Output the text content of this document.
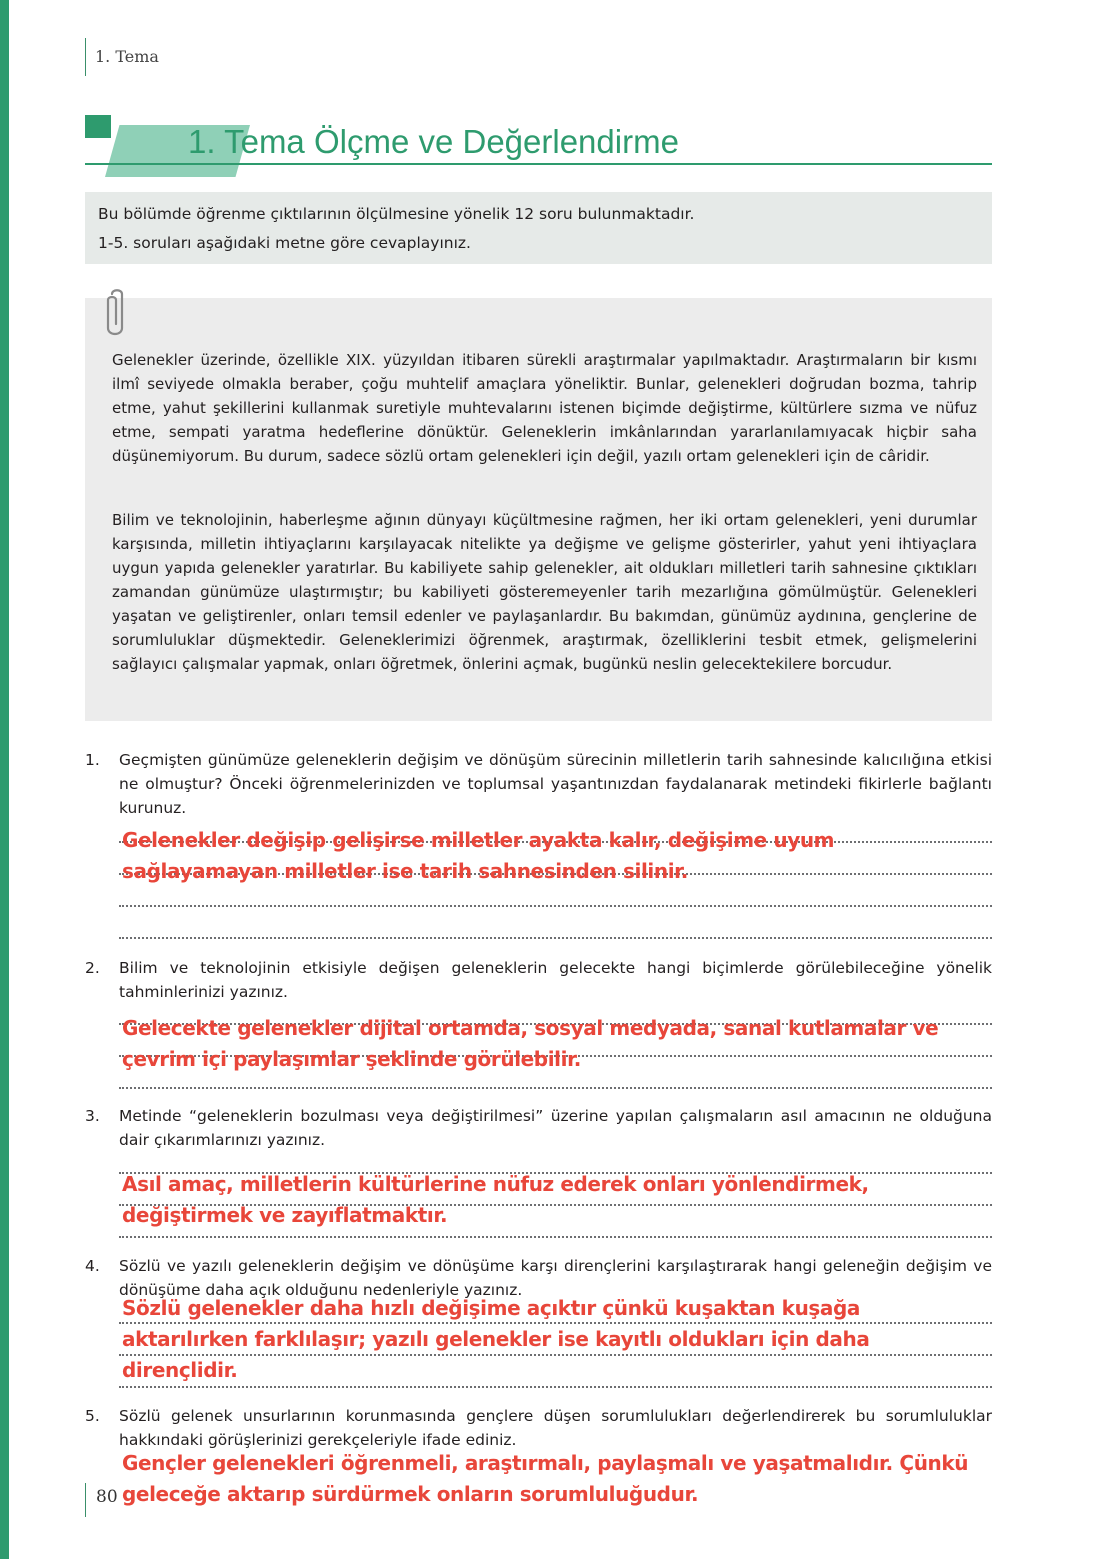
1. Tema
1. Tema Ölçme ve Değerlendirme
Bu bölümde öğrenme çıktılarının ölçülmesine yönelik 12 soru bulunmaktadır.
1-5. soruları aşağıdaki metne göre cevaplayınız.

Gelenekler üzerinde, özellikle XIX. yüzyıldan itibaren sürekli araştırmalar yapılmaktadır. Araştırmaların bir kısmı ilmî seviyede olmakla beraber, çoğu muhtelif amaçlara yöneliktir. Bunlar, gelenekleri doğrudan bozma, tahrip etme, yahut şekillerini kullanmak suretiyle muhtevalarını istenen biçimde değiştirme, kültürlere sızma ve nüfuz etme, sempati yaratma hedeflerine dönüktür. Geleneklerin imkânlarından yararlanılamıyacak hiçbir saha düşünemiyorum. Bu durum, sadece sözlü ortam gelenekleri için değil, yazılı ortam gelenekleri için de câridir.

Bilim ve teknolojinin, haberleşme ağının dünyayı küçültmesine rağmen, her iki ortam gelenekleri, yeni durumlar karşısında, milletin ihtiyaçlarını karşılayacak nitelikte ya değişme ve gelişme gösterirler, yahut yeni ihtiyaçlara uygun yapıda gelenekler yaratırlar. Bu kabiliyete sahip gelenekler, ait oldukları milletleri tarih sahnesine çıktıkları zamandan günümüze ulaştırmıştır; bu kabiliyeti gösteremeyenler tarih mezarlığına gömülmüştür. Gelenekleri yaşatan ve geliştirenler, onları temsil edenler ve paylaşanlardır. Bu bakımdan, günümüz aydınına, gençlerine de sorumluluklar düşmektedir. Geleneklerimizi öğrenmek, araştırmak, özelliklerini tesbit etmek, gelişmelerini sağlayıcı çalışmalar yapmak, onları öğretmek, önlerini açmak, bugünkü neslin gelecektekilere borcudur.

1. Geçmişten günümüze geleneklerin değişim ve dönüşüm sürecinin milletlerin tarih sahnesinde kalıcılığına etkisi ne olmuştur? Önceki öğrenmelerinizden ve toplumsal yaşantınızdan faydalanarak metindeki fikirlerle bağlantı kurunuz.

Gelenekler değişip gelişirse milletler ayakta kalır, değişime uyum sağlayamayan milletler ise tarih sahnesinden silinir.

2. Bilim ve teknolojinin etkisiyle değişen geleneklerin gelecekte hangi biçimlerde görülebileceğine yönelik tahminlerinizi yazınız.

Gelecekte gelenekler dijital ortamda, sosyal medyada, sanal kutlamalar ve çevrim içi paylaşımlar şeklinde görülebilir.

3. Metinde “geleneklerin bozulması veya değiştirilmesi” üzerine yapılan çalışmaların asıl amacının ne olduğuna dair çıkarımlarınızı yazınız.

Asıl amaç, milletlerin kültürlerine nüfuz ederek onları yönlendirmek, değiştirmek ve zayıflatmaktır.

4. Sözlü ve yazılı geleneklerin değişim ve dönüşüme karşı dirençlerini karşılaştırarak hangi geleneğin değişim ve dönüşüme daha açık olduğunu nedenleriyle yazınız.

Sözlü gelenekler daha hızlı değişime açıktır çünkü kuşaktan kuşağa aktarılırken farklılaşır; yazılı gelenekler ise kayıtlı oldukları için daha dirençlidir.

5. Sözlü gelenek unsurlarının korunmasında gençlere düşen sorumlulukları değerlendirerek bu sorumluluklar hakkındaki görüşlerinizi gerekçeleriyle ifade ediniz.

Gençler gelenekleri öğrenmeli, araştırmalı, paylaşmalı ve yaşatmalıdır. Çünkü geleceğe aktarıp sürdürmek onların sorumluluğudur.

80
